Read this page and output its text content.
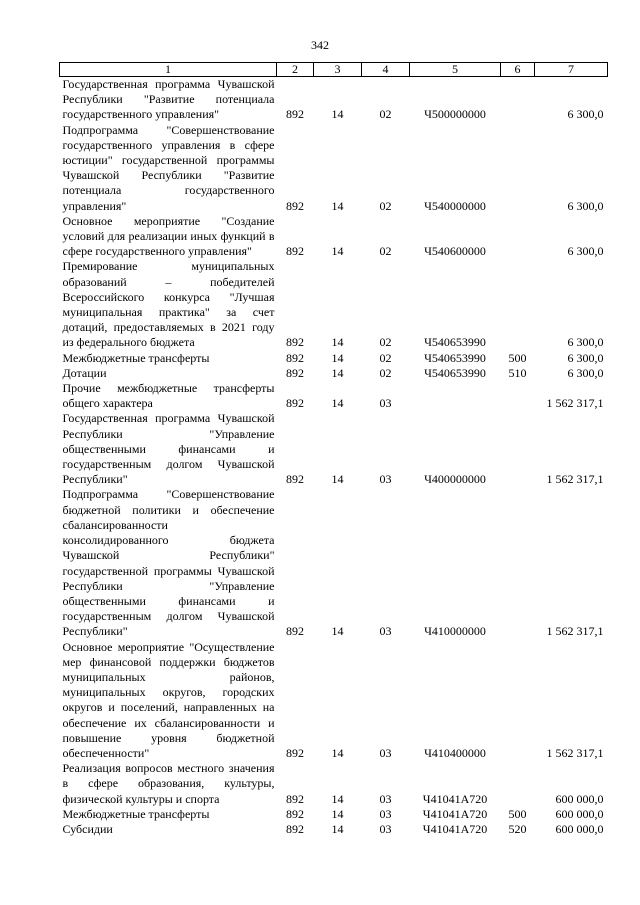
342
1	2	3	4	5	6	7
Государственная программа Чувашской Республики "Развитие потенциала государственного управления"	892	14	02	Ч500000000		6 300,0
Подпрограмма "Совершенствование государственного управления в сфере юстиции" государственной программы Чувашской Республики "Развитие потенциала государственного управления"	892	14	02	Ч540000000		6 300,0
Основное мероприятие "Создание условий для реализации иных функций в сфере государственного управления"	892	14	02	Ч540600000		6 300,0
Премирование муниципальных образований – победителей Всероссийского конкурса "Лучшая муниципальная практика" за счет дотаций, предоставляемых в 2021 году из федерального бюджета	892	14	02	Ч540653990		6 300,0
Межбюджетные трансферты	892	14	02	Ч540653990	500	6 300,0
Дотации	892	14	02	Ч540653990	510	6 300,0
Прочие межбюджетные трансферты общего характера	892	14	03			1 562 317,1
Государственная программа Чувашской Республики "Управление общественными финансами и государственным долгом Чувашской Республики"	892	14	03	Ч400000000		1 562 317,1
Подпрограмма "Совершенствование бюджетной политики и обеспечение сбалансированности консолидированного бюджета Чувашской Республики" государственной программы Чувашской Республики "Управление общественными финансами и государственным долгом Чувашской Республики"	892	14	03	Ч410000000		1 562 317,1
Основное мероприятие "Осуществление мер финансовой поддержки бюджетов муниципальных районов, муниципальных округов, городских округов и поселений, направленных на обеспечение их сбалансированности и повышение уровня бюджетной обеспеченности"	892	14	03	Ч410400000		1 562 317,1
Реализация вопросов местного значения в сфере образования, культуры, физической культуры и спорта	892	14	03	Ч41041А720		600 000,0
Межбюджетные трансферты	892	14	03	Ч41041А720	500	600 000,0
Субсидии	892	14	03	Ч41041А720	520	600 000,0
